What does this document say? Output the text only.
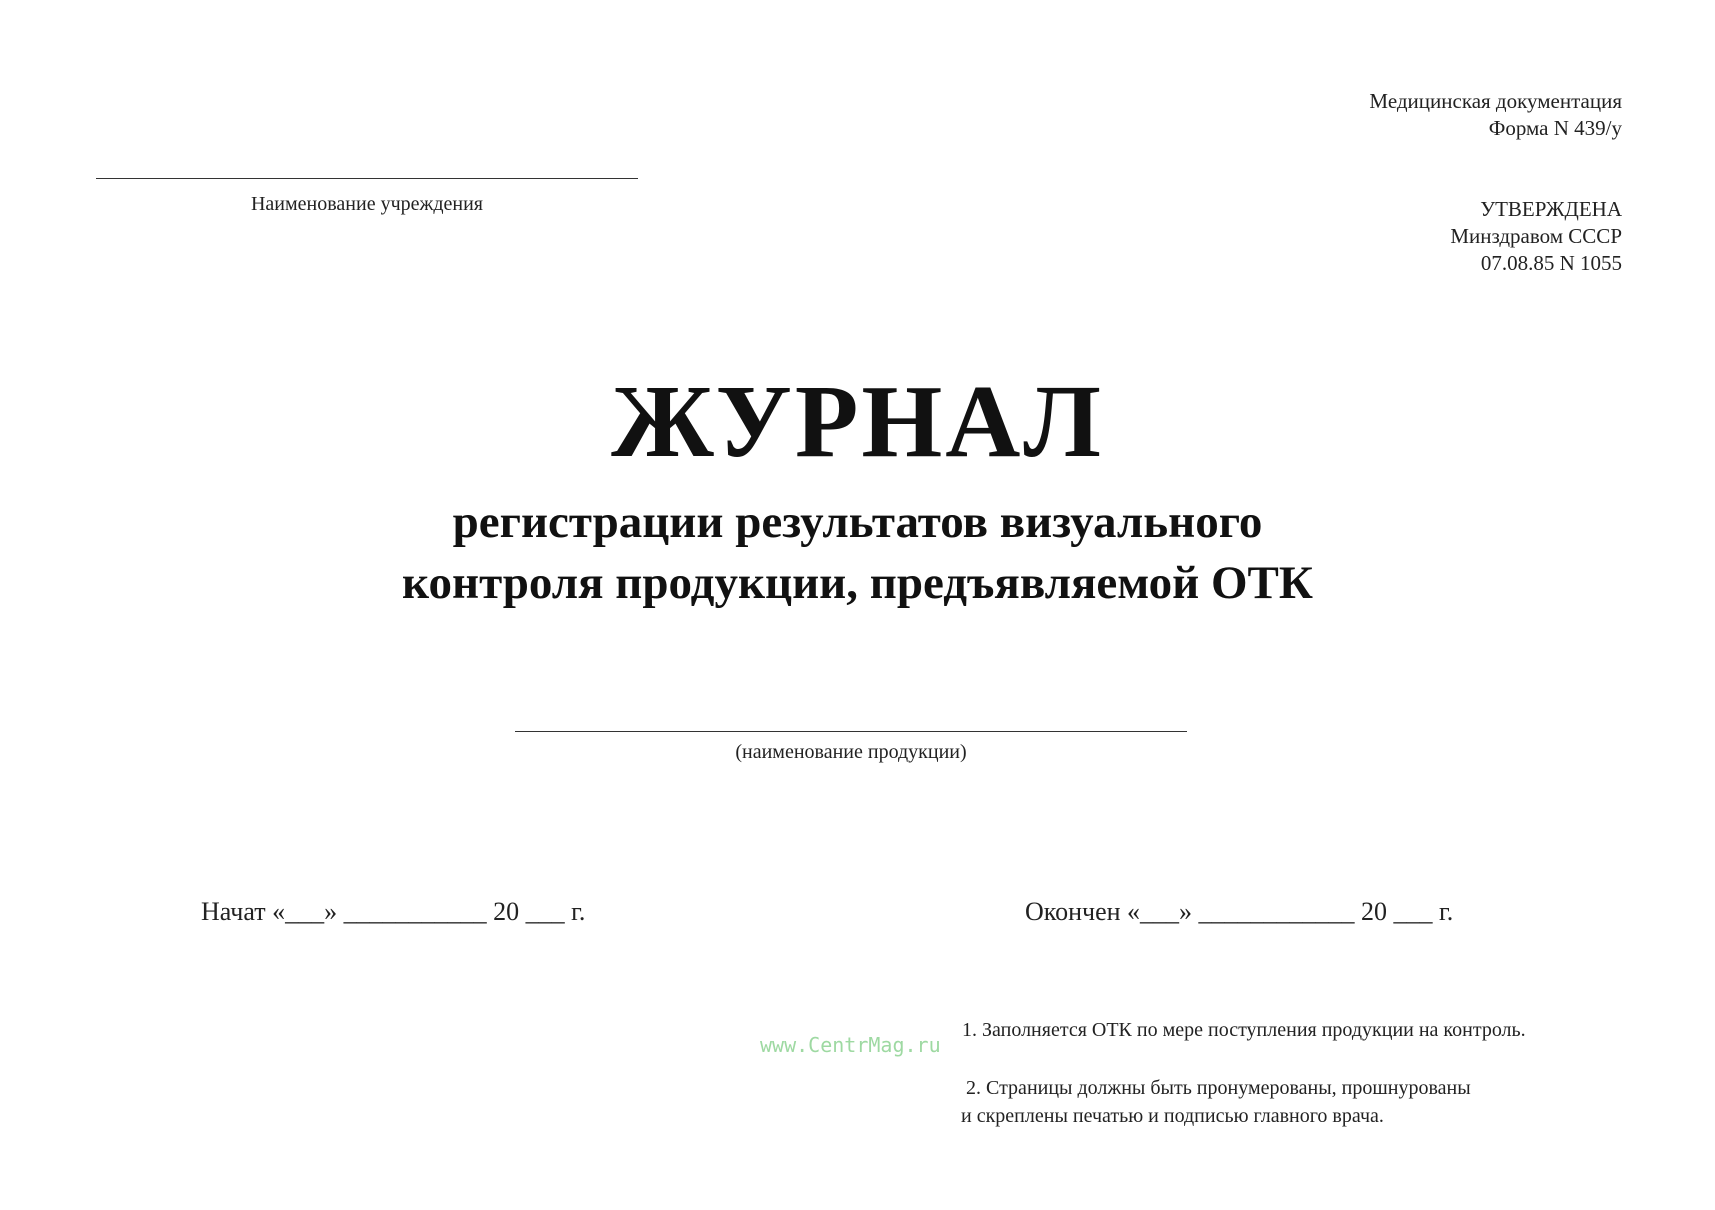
Медицинская документация
Форма N 439/у
УТВЕРЖДЕНА
Минздравом СССР
07.08.85 N 1055
Наименование учреждения
ЖУРНАЛ
регистрации результатов визуального
контроля продукции, предъявляемой ОТК
(наименование продукции)
Начат «___» ___________ 20 ___ г.	Окончен «___» ____________ 20 ___ г.
www.CentrMag.ru
1. Заполняется ОТК по мере поступления продукции на контроль.
2. Страницы должны быть пронумерованы, прошнурованы
и скреплены печатью и подписью главного врача.
